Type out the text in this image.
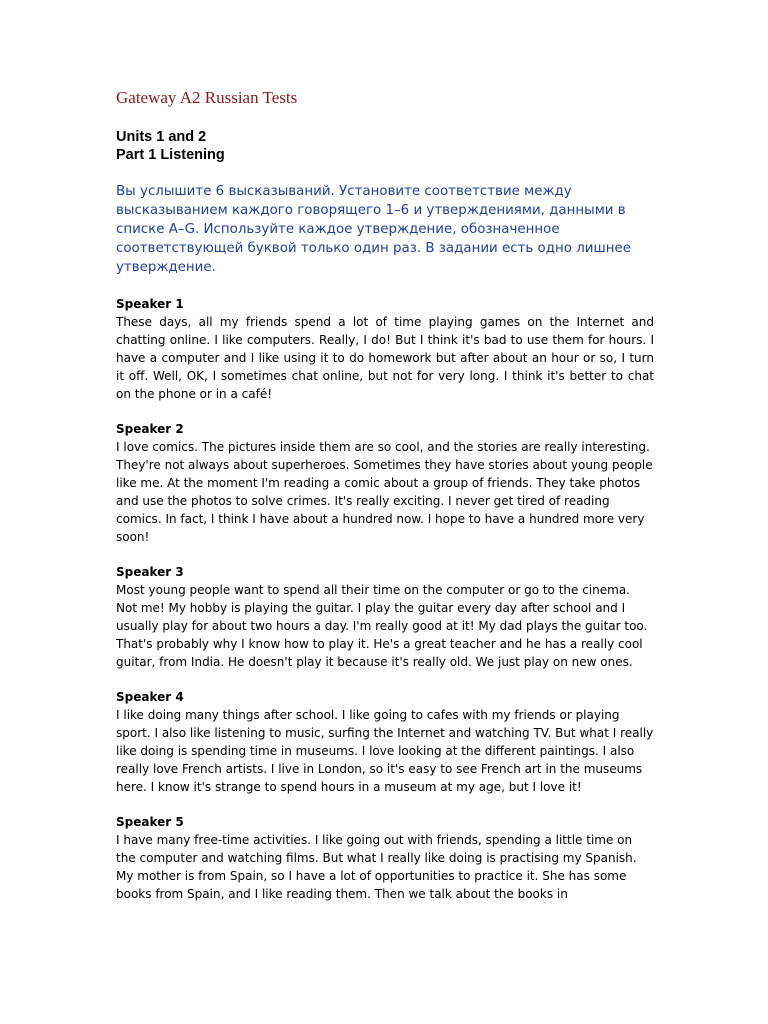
Gateway A2 Russian Tests

Units 1 and 2

Part 1 Listening

Вы услышите 6 высказываний. Установите соответствие между высказыванием каждого говорящего 1–6 и утверждениями, данными в списке А–G. Используйте каждое утверждение, обозначенное соответствующей буквой только один раз. В задании есть одно лишнее утверждение.

Speaker 1

These days, all my friends spend a lot of time playing games on the Internet and chatting online. I like computers. Really, I do! But I think it's bad to use them for hours. I have a computer and I like using it to do homework but after about an hour or so, I turn it off. Well, OK, I sometimes chat online, but not for very long. I think it's better to chat on the phone or in a café!

Speaker 2

I love comics. The pictures inside them are so cool, and the stories are really interesting. They're not always about superheroes. Sometimes they have stories about young people like me. At the moment I'm reading a comic about a group of friends. They take photos and use the photos to solve crimes. It's really exciting. I never get tired of reading comics. In fact, I think I have about a hundred now. I hope to have a hundred more very soon!

Speaker 3

Most young people want to spend all their time on the computer or go to the cinema. Not me! My hobby is playing the guitar. I play the guitar every day after school and I usually play for about two hours a day. I'm really good at it! My dad plays the guitar too. That's probably why I know how to play it. He's a great teacher and he has a really cool guitar, from India. He doesn't play it because it's really old. We just play on new ones.

Speaker 4

I like doing many things after school. I like going to cafes with my friends or playing sport. I also like listening to music, surfing the Internet and watching TV. But what I really like doing is spending time in museums. I love looking at the different paintings. I also really love French artists. I live in London, so it's easy to see French art in the museums here. I know it's strange to spend hours in a museum at my age, but I love it!

Speaker 5

I have many free-time activities. I like going out with friends, spending a little time on the computer and watching films. But what I really like doing is practising my Spanish. My mother is from Spain, so I have a lot of opportunities to practice it. She has some books from Spain, and I like reading them. Then we talk about the books in
